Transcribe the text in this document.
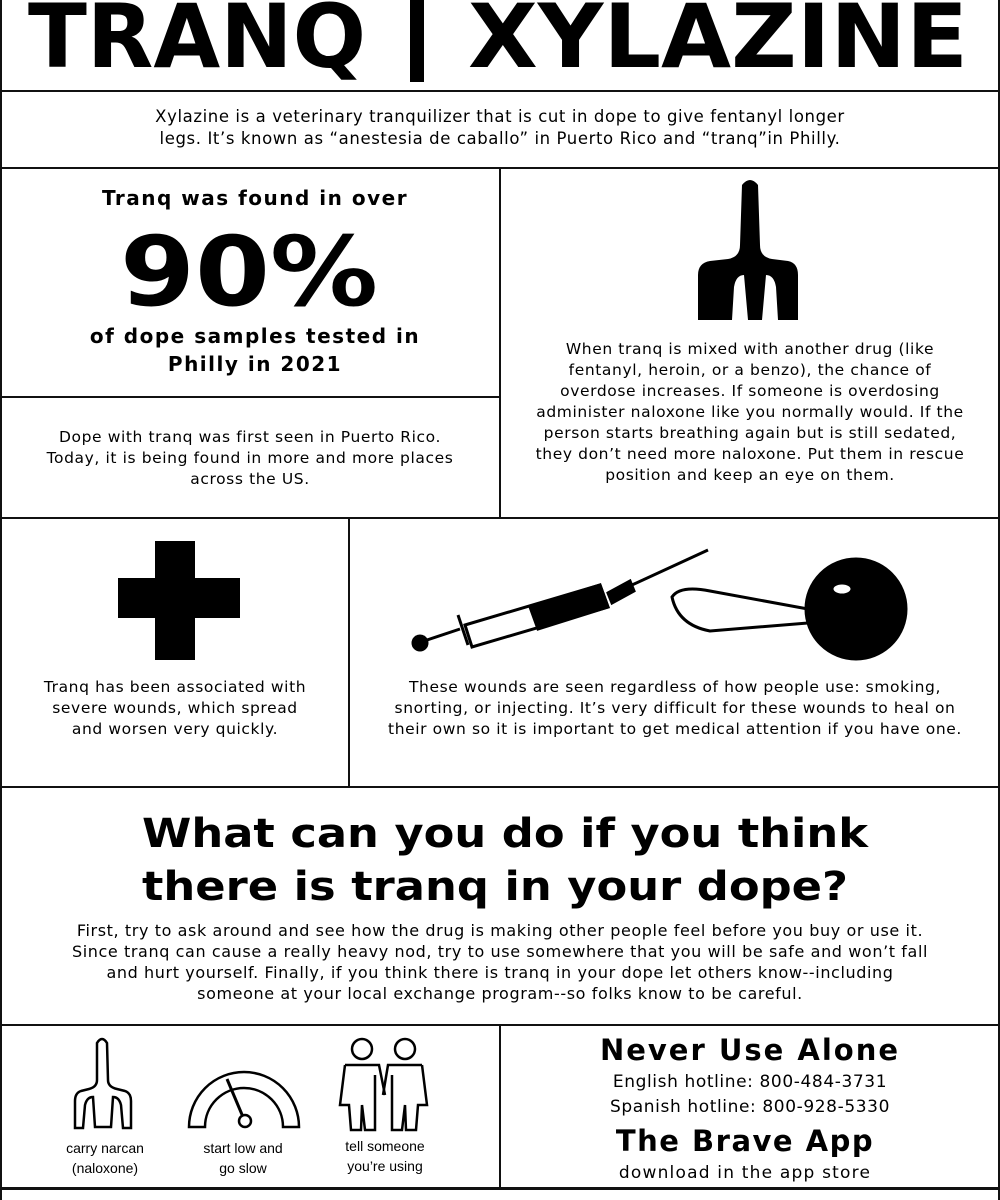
TRANQ XYLAZINE
Xylazine is a veterinary tranquilizer that is cut in dope to give fentanyl longer
legs. It’s known as “anestesia de caballo” in Puerto Rico and “tranq”in Philly.
Tranq was found in over
90%
of dope samples tested in
Philly in 2021
Dope with tranq was first seen in Puerto Rico. Today, it is being found in more and more places across the US.
When tranq is mixed with another drug (like fentanyl, heroin, or a benzo), the chance of overdose increases. If someone is overdosing administer naloxone like you normally would. If the person starts breathing again but is still sedated, they don’t need more naloxone. Put them in rescue position and keep an eye on them.
Tranq has been associated with severe wounds, which spread and worsen very quickly.
These wounds are seen regardless of how people use: smoking, snorting, or injecting. It’s very difficult for these wounds to heal on their own so it is important to get medical attention if you have one.
What can you do if you think
there is tranq in your dope?
First, try to ask around and see how the drug is making other people feel before you buy or use it. Since tranq can cause a really heavy nod, try to use somewhere that you will be safe and won’t fall and hurt yourself. Finally, if you think there is tranq in your dope let others know--including someone at your local exchange program--so folks know to be careful.
carry narcan
(naloxone)
start low and
go slow
tell someone
you’re using
Never Use Alone
English hotline: 800-484-3731
Spanish hotline: 800-928-5330
The Brave App
download in the app store
